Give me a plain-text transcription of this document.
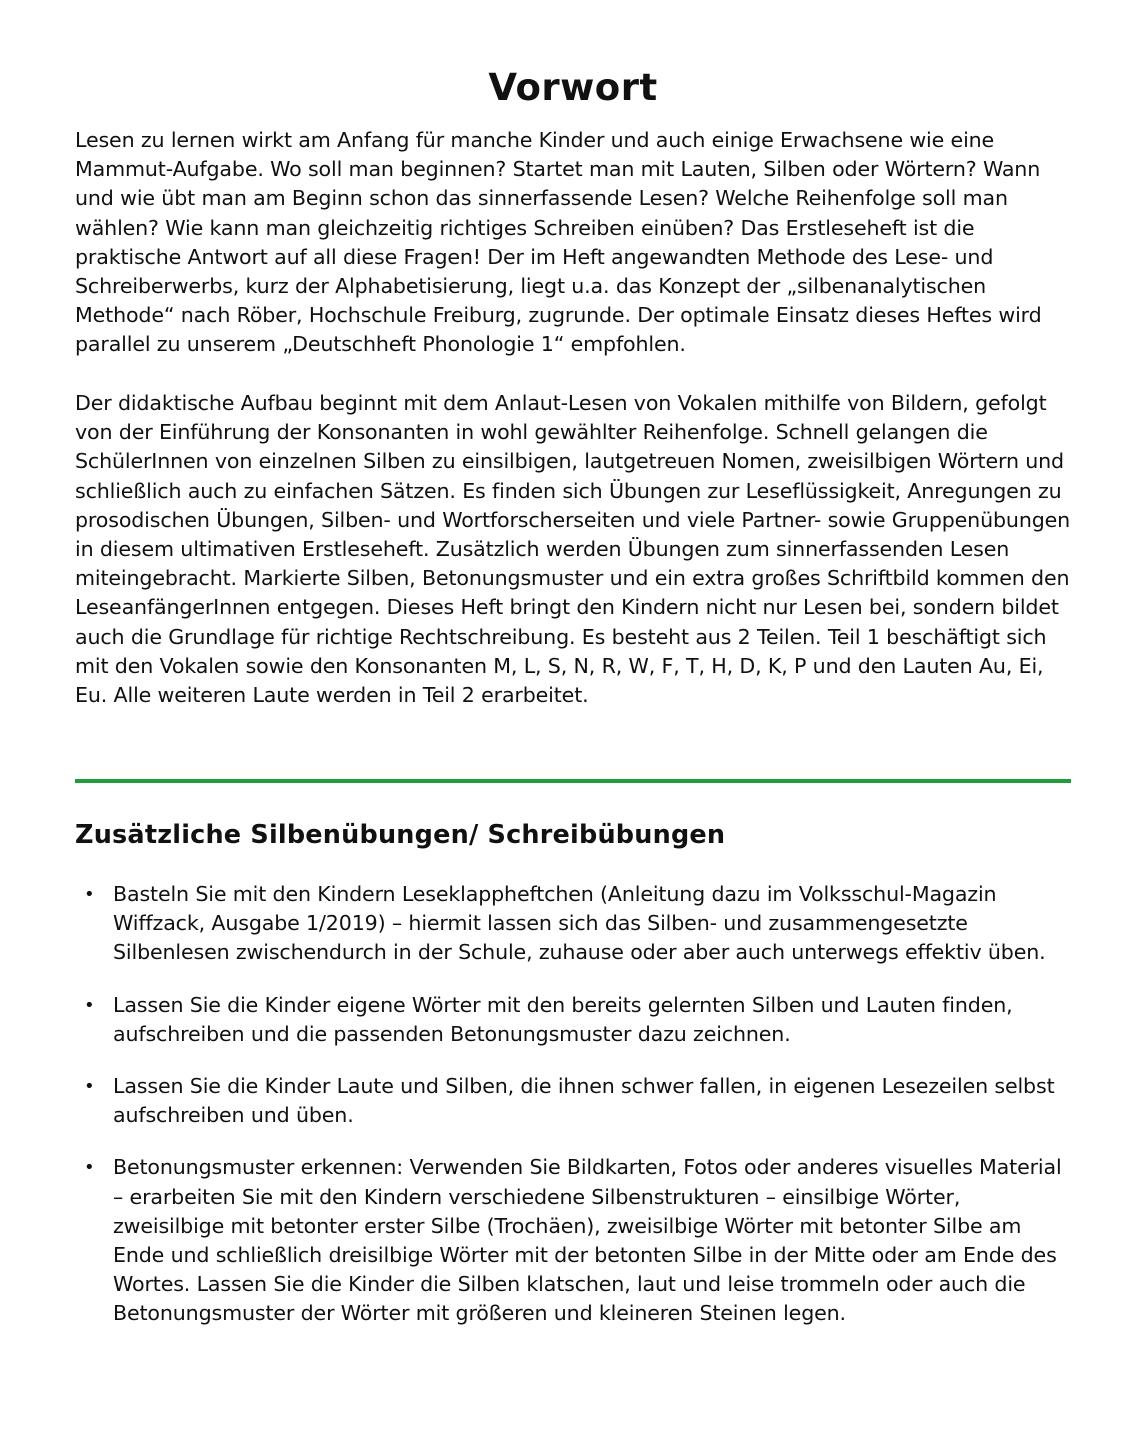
Vorwort

Lesen zu lernen wirkt am Anfang für manche Kinder und auch einige Erwachsene wie eine Mammut-Aufgabe. Wo soll man beginnen? Startet man mit Lauten, Silben oder Wörtern? Wann und wie übt man am Beginn schon das sinnerfassende Lesen? Welche Reihenfolge soll man wählen? Wie kann man gleichzeitig richtiges Schreiben einüben? Das Erstleseheft ist die praktische Antwort auf all diese Fragen! Der im Heft angewandten Methode des Lese- und Schreiberwerbs, kurz der Alphabetisierung, liegt u.a. das Konzept der „silbenanalytischen Methode“ nach Röber, Hochschule Freiburg, zugrunde. Der optimale Einsatz dieses Heftes wird parallel zu unserem „Deutschheft Phonologie 1“ empfohlen.

Der didaktische Aufbau beginnt mit dem Anlaut-Lesen von Vokalen mithilfe von Bildern, gefolgt von der Einführung der Konsonanten in wohl gewählter Reihenfolge. Schnell gelangen die SchülerInnen von einzelnen Silben zu einsilbigen, lautgetreuen Nomen, zweisilbigen Wörtern und schließlich auch zu einfachen Sätzen. Es finden sich Übungen zur Leseflüssigkeit, Anregungen zu prosodischen Übungen, Silben- und Wortforscherseiten und viele Partner- sowie Gruppenübungen in diesem ultimativen Erstleseheft. Zusätzlich werden Übungen zum sinnerfassenden Lesen miteingebracht. Markierte Silben, Betonungsmuster und ein extra großes Schriftbild kommen den LeseanfängerInnen entgegen. Dieses Heft bringt den Kindern nicht nur Lesen bei, sondern bildet auch die Grundlage für richtige Rechtschreibung. Es besteht aus 2 Teilen. Teil 1 beschäftigt sich mit den Vokalen sowie den Konsonanten M, L, S, N, R, W, F, T, H, D, K, P und den Lauten Au, Ei, Eu. Alle weiteren Laute werden in Teil 2 erarbeitet.

Zusätzliche Silbenübungen/ Schreibübungen
• Basteln Sie mit den Kindern Leseklappheftchen (Anleitung dazu im Volksschul-Magazin Wiffzack, Ausgabe 1/2019) – hiermit lassen sich das Silben- und zusammengesetzte Silbenlesen zwischendurch in der Schule, zuhause oder aber auch unterwegs effektiv üben.
• Lassen Sie die Kinder eigene Wörter mit den bereits gelernten Silben und Lauten finden, aufschreiben und die passenden Betonungsmuster dazu zeichnen.
• Lassen Sie die Kinder Laute und Silben, die ihnen schwer fallen, in eigenen Lesezeilen selbst aufschreiben und üben.
• Betonungsmuster erkennen: Verwenden Sie Bildkarten, Fotos oder anderes visuelles Material – erarbeiten Sie mit den Kindern verschiedene Silbenstrukturen – einsilbige Wörter, zweisilbige mit betonter erster Silbe (Trochäen), zweisilbige Wörter mit betonter Silbe am Ende und schließlich dreisilbige Wörter mit der betonten Silbe in der Mitte oder am Ende des Wortes. Lassen Sie die Kinder die Silben klatschen, laut und leise trommeln oder auch die Betonungsmuster der Wörter mit größeren und kleineren Steinen legen.
